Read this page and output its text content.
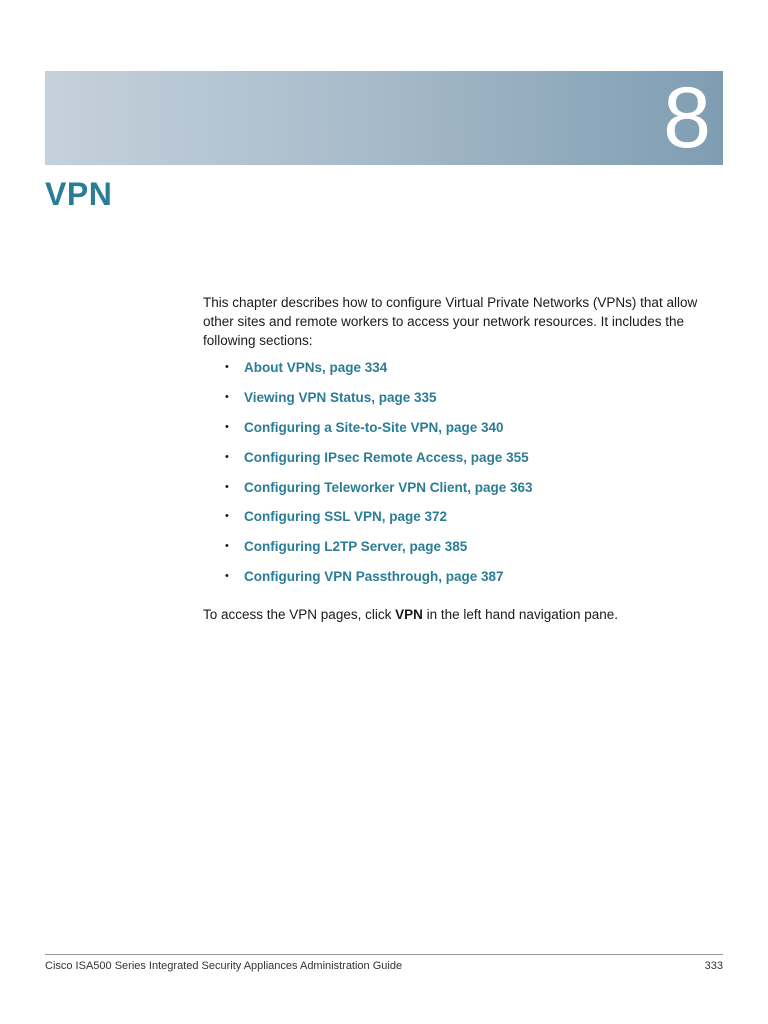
8
VPN

This chapter describes how to configure Virtual Private Networks (VPNs) that allow other sites and remote workers to access your network resources. It includes the following sections:

• About VPNs, page 334
• Viewing VPN Status, page 335
• Configuring a Site-to-Site VPN, page 340
• Configuring IPsec Remote Access, page 355
• Configuring Teleworker VPN Client, page 363
• Configuring SSL VPN, page 372
• Configuring L2TP Server, page 385
• Configuring VPN Passthrough, page 387

To access the VPN pages, click VPN in the left hand navigation pane.

Cisco ISA500 Series Integrated Security Appliances Administration Guide	333
